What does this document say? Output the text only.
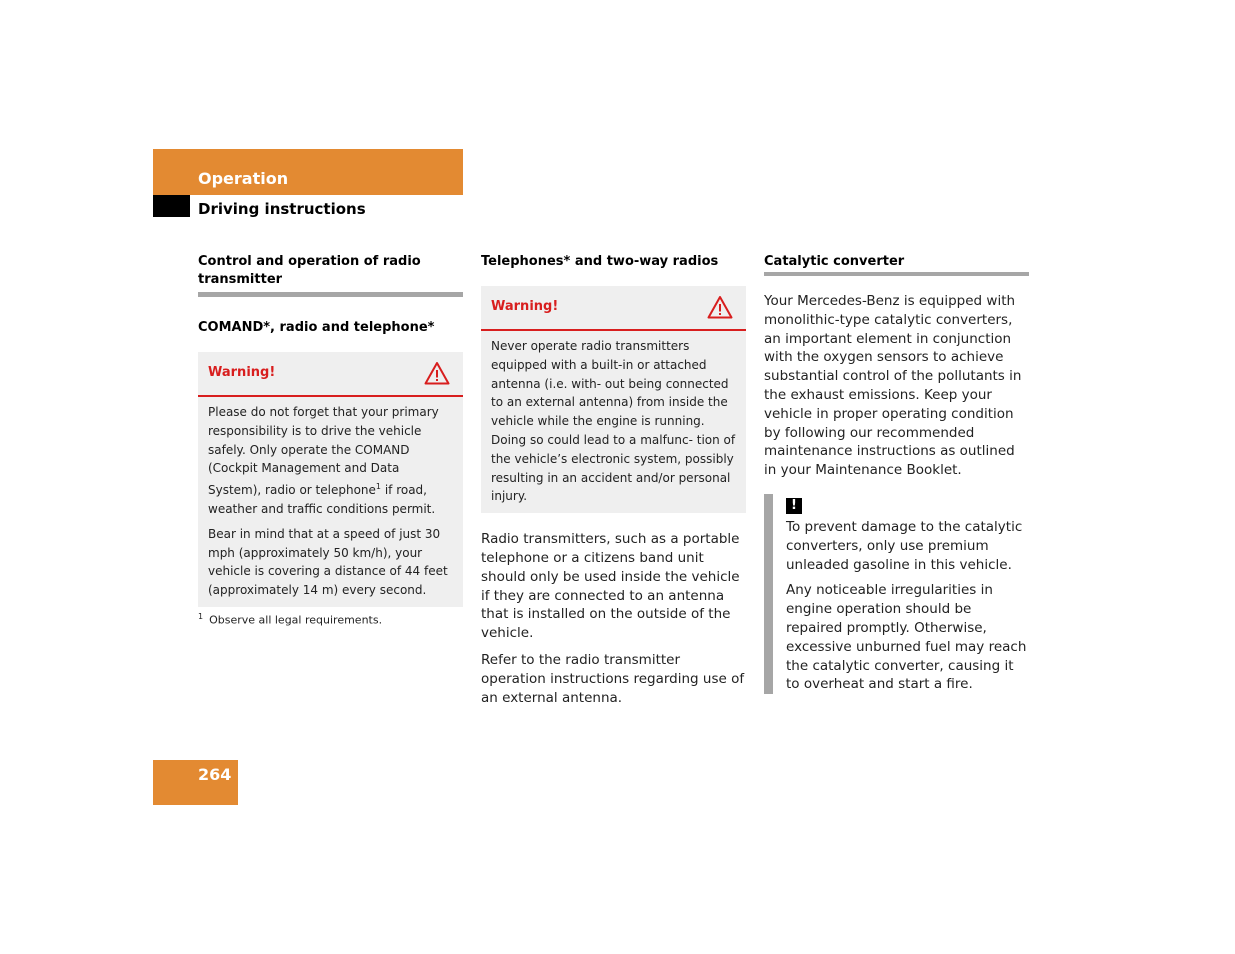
Operation
Driving instructions
Control and operation of radio transmitter
COMAND*, radio and telephone*
Warning!

Please do not forget that your primary responsibility is to drive the vehicle safely. Only operate the COMAND (Cockpit Management and Data System), radio or telephone$^1$ if road, weather and traffic conditions permit.

Bear in mind that at a speed of just 30 mph (approximately 50 km/h), your vehicle is covering a distance of 44 feet (approximately 14 m) every second.

$^1$ Observe all legal requirements.
Telephones* and two-way radios
Warning!

Never operate radio transmitters equipped with a built-in or attached antenna (i.e. with- out being connected to an external antenna) from inside the vehicle while the engine is running. Doing so could lead to a malfunc- tion of the vehicle’s electronic system, possibly resulting in an accident and/or personal injury.

Radio transmitters, such as a portable telephone or a citizens band unit should only be used inside the vehicle if they are connected to an antenna that is installed on the outside of the vehicle.

Refer to the radio transmitter operation instructions regarding use of an external antenna.

Catalytic converter

Your Mercedes-Benz is equipped with monolithic-type catalytic converters, an important element in conjunction with the oxygen sensors to achieve substantial control of the pollutants in the exhaust emissions. Keep your vehicle in proper operating condition by following our recommended maintenance instructions as outlined in your Maintenance Booklet.

!

To prevent damage to the catalytic converters, only use premium unleaded gasoline in this vehicle.

Any noticeable irregularities in engine operation should be repaired promptly. Otherwise, excessive unburned fuel may reach the catalytic converter, causing it to overheat and start a fire.

264
